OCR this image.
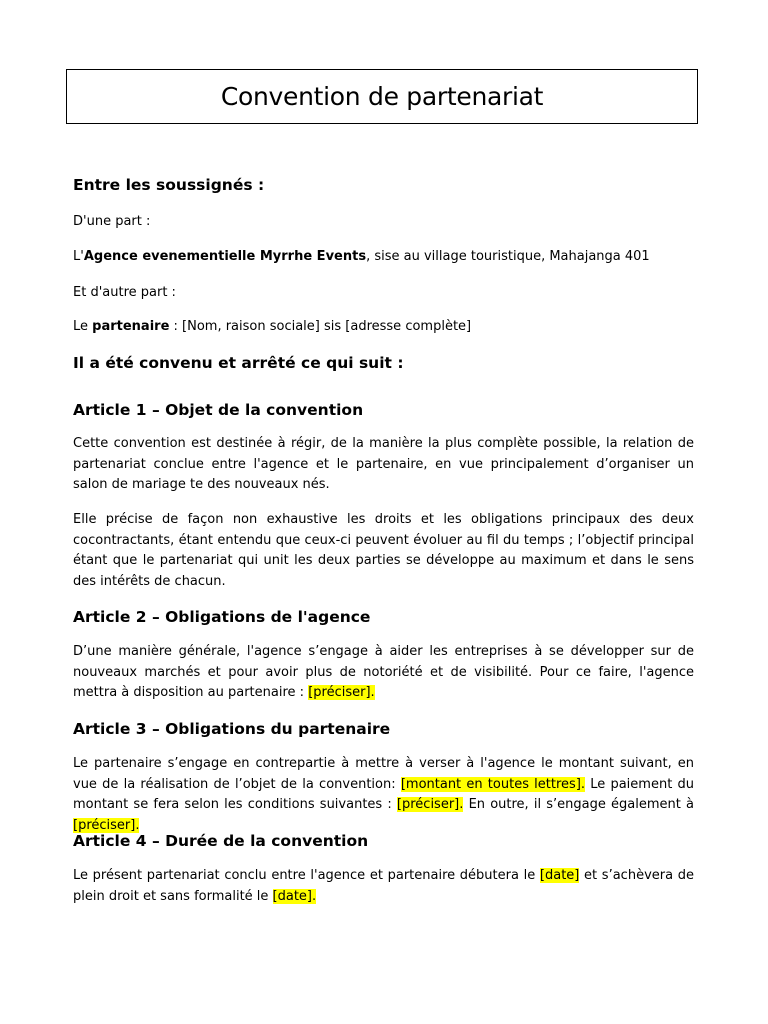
Convention de partenariat

Entre les soussignés :

D'une part :

L'Agence evenementielle Myrrhe Events, sise au village touristique, Mahajanga 401

Et d'autre part :

Le partenaire : [Nom, raison sociale] sis [adresse complète]

Il a été convenu et arrêté ce qui suit :

Article 1 – Objet de la convention

Cette convention est destinée à régir, de la manière la plus complète possible, la relation de partenariat conclue entre l'agence et le partenaire, en vue principalement d’organiser un salon de mariage te des nouveaux nés.

Elle précise de façon non exhaustive les droits et les obligations principaux des deux cocontractants, étant entendu que ceux-ci peuvent évoluer au fil du temps ; l’objectif principal étant que le partenariat qui unit les deux parties se développe au maximum et dans le sens des intérêts de chacun.

Article 2 – Obligations de l'agence

D’une manière générale, l'agence s’engage à aider les entreprises à se développer sur de nouveaux marchés et pour avoir plus de notoriété et de visibilité. Pour ce faire, l'agence mettra à disposition au partenaire : [préciser].

Article 3 – Obligations du partenaire

Le partenaire s’engage en contrepartie à mettre à verser à l'agence le montant suivant, en vue de la réalisation de l’objet de la convention: [montant en toutes lettres]. Le paiement du montant se fera selon les conditions suivantes : [préciser]. En outre, il s’engage également à [préciser].

Article 4 – Durée de la convention

Le présent partenariat conclu entre l'agence et partenaire débutera le [date] et s’achèvera de plein droit et sans formalité le [date].
